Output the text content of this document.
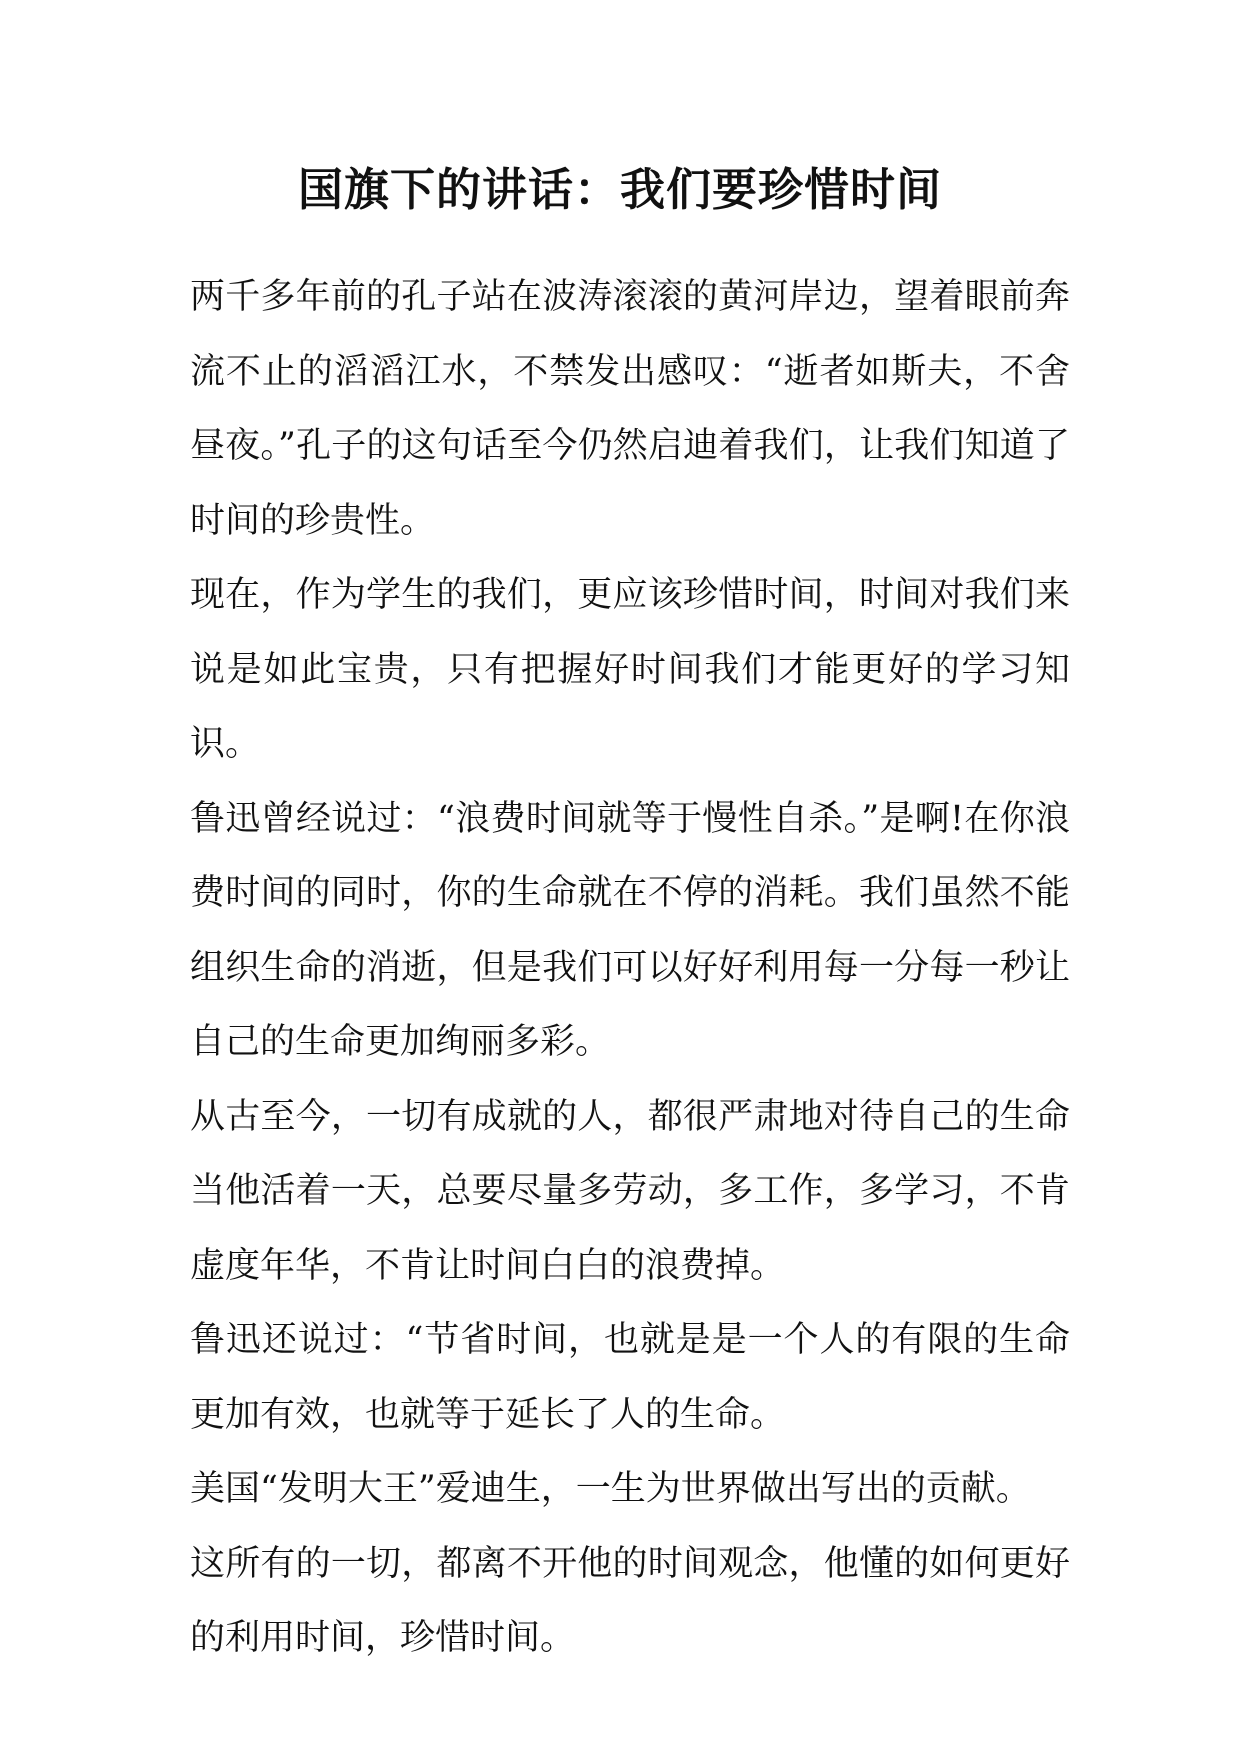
国旗下的讲话：我们要珍惜时间

两千多年前的孔子站在波涛滚滚的黄河岸边，望着眼前奔流不止的滔滔江水，不禁发出感叹：“逝者如斯夫，不舍昼夜。”孔子的这句话至今仍然启迪着我们，让我们知道了时间的珍贵性。

现在，作为学生的我们，更应该珍惜时间，时间对我们来说是如此宝贵，只有把握好时间我们才能更好的学习知识。

鲁迅曾经说过：“浪费时间就等于慢性自杀。”是啊!在你浪费时间的同时，你的生命就在不停的消耗。我们虽然不能组织生命的消逝，但是我们可以好好利用每一分每一秒让自己的生命更加绚丽多彩。

从古至今，一切有成就的人，都很严肃地对待自己的生命当他活着一天，总要尽量多劳动，多工作，多学习，不肯虚度年华，不肯让时间白白的浪费掉。

鲁迅还说过：“节省时间，也就是是一个人的有限的生命更加有效，也就等于延长了人的生命。

美国“发明大王”爱迪生，一生为世界做出写出的贡献。

这所有的一切，都离不开他的时间观念，他懂的如何更好的利用时间，珍惜时间。
